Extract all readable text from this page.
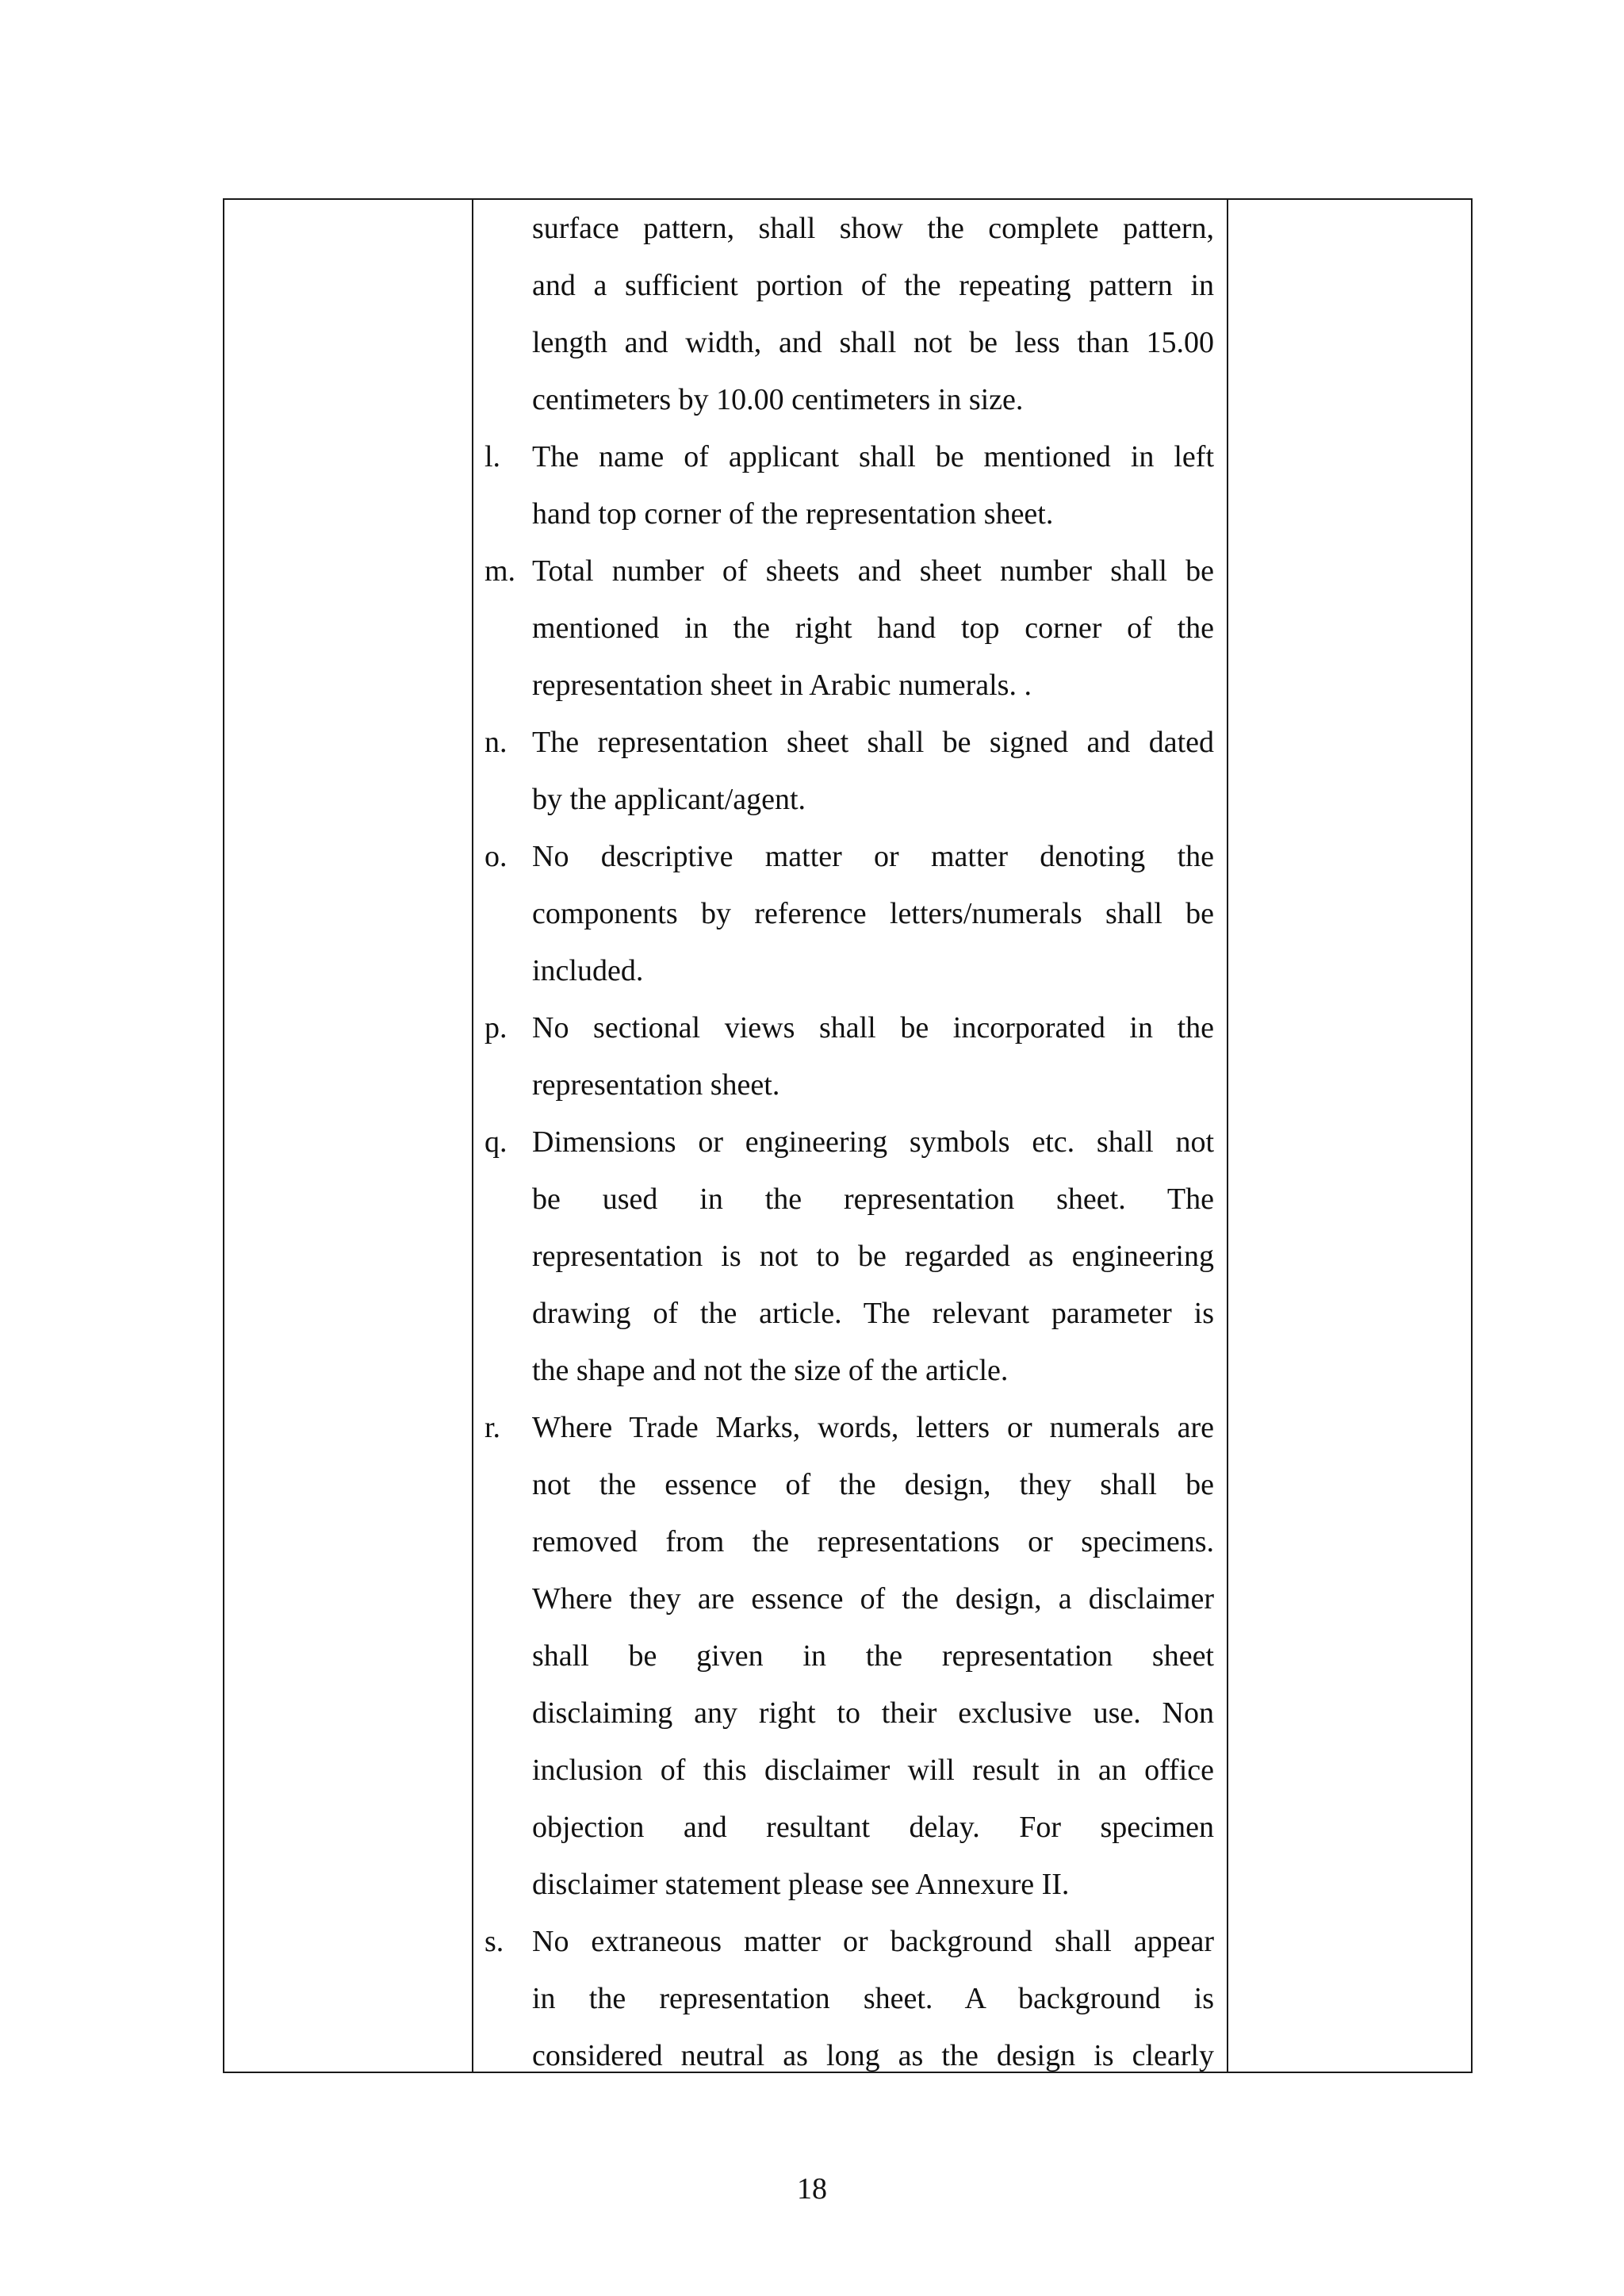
surface pattern, shall show the complete pattern,
and a sufficient portion of the repeating pattern in
length and width, and shall not be less than 15.00
centimeters by 10.00 centimeters in size.
l. The name of applicant shall be mentioned in left
hand top corner of the representation sheet.
m. Total number of sheets and sheet number shall be
mentioned in the right hand top corner of the
representation sheet in Arabic numerals. .
n. The representation sheet shall be signed and dated
by the applicant/agent.
o. No descriptive matter or matter denoting the
components by reference letters/numerals shall be
included.
p. No sectional views shall be incorporated in the
representation sheet.
q. Dimensions or engineering symbols etc. shall not
be used in the representation sheet. The
representation is not to be regarded as engineering
drawing of the article. The relevant parameter is
the shape and not the size of the article.
r. Where Trade Marks, words, letters or numerals are
not the essence of the design, they shall be
removed from the representations or specimens.
Where they are essence of the design, a disclaimer
shall be given in the representation sheet
disclaiming any right to their exclusive use. Non
inclusion of this disclaimer will result in an office
objection and resultant delay. For specimen
disclaimer statement please see Annexure II.
s. No extraneous matter or background shall appear
in the representation sheet. A background is
considered neutral as long as the design is clearly
18
